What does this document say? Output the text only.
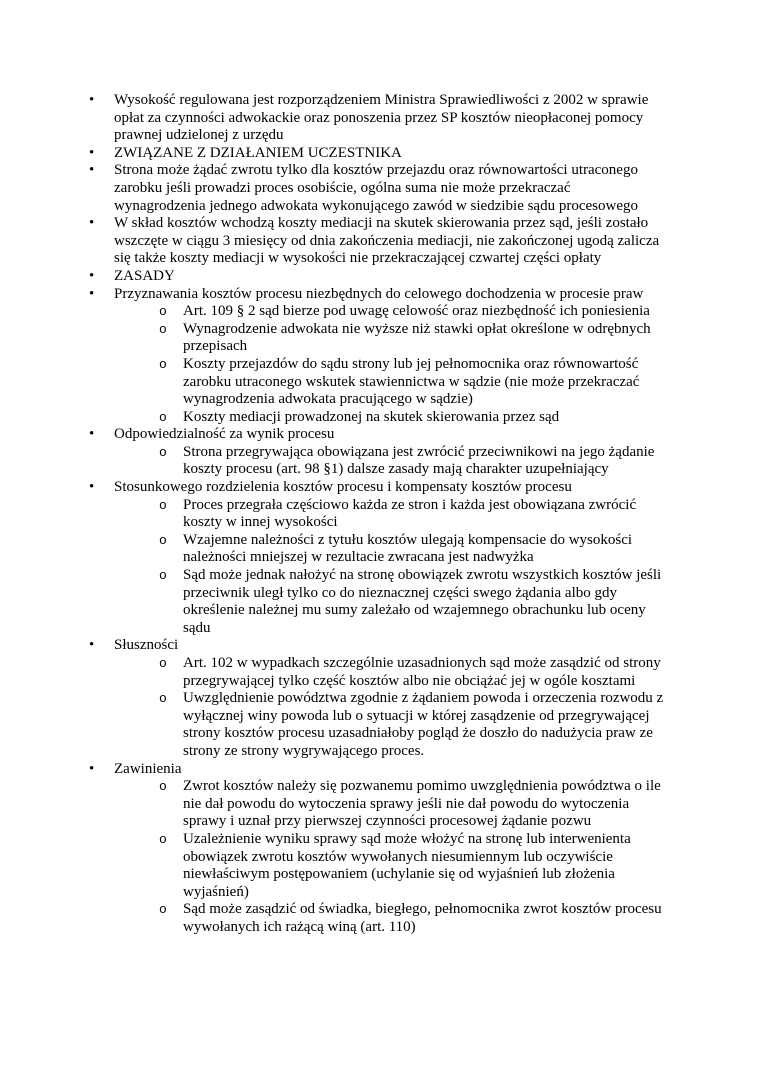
• Wysokość regulowana jest rozporządzeniem Ministra Sprawiedliwości z 2002 w sprawie opłat za czynności adwokackie oraz ponoszenia przez SP kosztów nieopłaconej pomocy prawnej udzielonej z urzędu
• ZWIĄZANE Z DZIAŁANIEM UCZESTNIKA
• Strona może żądać zwrotu tylko dla kosztów przejazdu oraz równowartości utraconego zarobku jeśli prowadzi proces osobiście, ogólna suma nie może przekraczać wynagrodzenia jednego adwokata wykonującego zawód w siedzibie sądu procesowego
• W skład kosztów wchodzą koszty mediacji na skutek skierowania przez sąd, jeśli zostało wszczęte w ciągu 3 miesięcy od dnia zakończenia mediacji, nie zakończonej ugodą zalicza się także koszty mediacji w wysokości nie przekraczającej czwartej części opłaty
• ZASADY
• Przyznawania kosztów procesu niezbędnych do celowego dochodzenia w procesie praw
o Art. 109 § 2 sąd bierze pod uwagę celowość oraz niezbędność ich poniesienia
o Wynagrodzenie adwokata nie wyższe niż stawki opłat określone w odrębnych przepisach
o Koszty przejazdów do sądu strony lub jej pełnomocnika oraz równowartość zarobku utraconego wskutek stawiennictwa w sądzie (nie może przekraczać wynagrodzenia adwokata pracującego w sądzie)
o Koszty mediacji prowadzonej na skutek skierowania przez sąd
• Odpowiedzialność za wynik procesu
o Strona przegrywająca obowiązana jest zwrócić przeciwnikowi na jego żądanie koszty procesu (art. 98 §1) dalsze zasady mają charakter uzupełniający
• Stosunkowego rozdzielenia kosztów procesu i kompensaty kosztów procesu
o Proces przegrała częściowo każda ze stron i każda jest obowiązana zwrócić koszty w innej wysokości
o Wzajemne należności z tytułu kosztów ulegają kompensacie do wysokości należności mniejszej w rezultacie zwracana jest nadwyżka
o Sąd może jednak nałożyć na stronę obowiązek zwrotu wszystkich kosztów jeśli przeciwnik uległ tylko co do nieznacznej części swego żądania albo gdy określenie należnej mu sumy zależało od wzajemnego obrachunku lub oceny sądu
• Słuszności
o Art. 102 w wypadkach szczególnie uzasadnionych sąd może zasądzić od strony przegrywającej tylko część kosztów albo nie obciążać jej w ogóle kosztami
o Uwzględnienie powództwa zgodnie z żądaniem powoda i orzeczenia rozwodu z wyłącznej winy powoda lub o sytuacji w której zasądzenie od przegrywającej strony kosztów procesu uzasadniałoby pogląd że doszło do nadużycia praw ze strony ze strony wygrywającego proces.
• Zawinienia
o Zwrot kosztów należy się pozwanemu pomimo uwzględnienia powództwa o ile nie dał powodu do wytoczenia sprawy jeśli nie dał powodu do wytoczenia sprawy i uznał przy pierwszej czynności procesowej żądanie pozwu
o Uzależnienie wyniku sprawy sąd może włożyć na stronę lub interwenienta obowiązek zwrotu kosztów wywołanych niesumiennym lub oczywiście niewłaściwym postępowaniem (uchylanie się od wyjaśnień lub złożenia wyjaśnień)
o Sąd może zasądzić od świadka, biegłego, pełnomocnika zwrot kosztów procesu wywołanych ich rażącą winą (art. 110)
